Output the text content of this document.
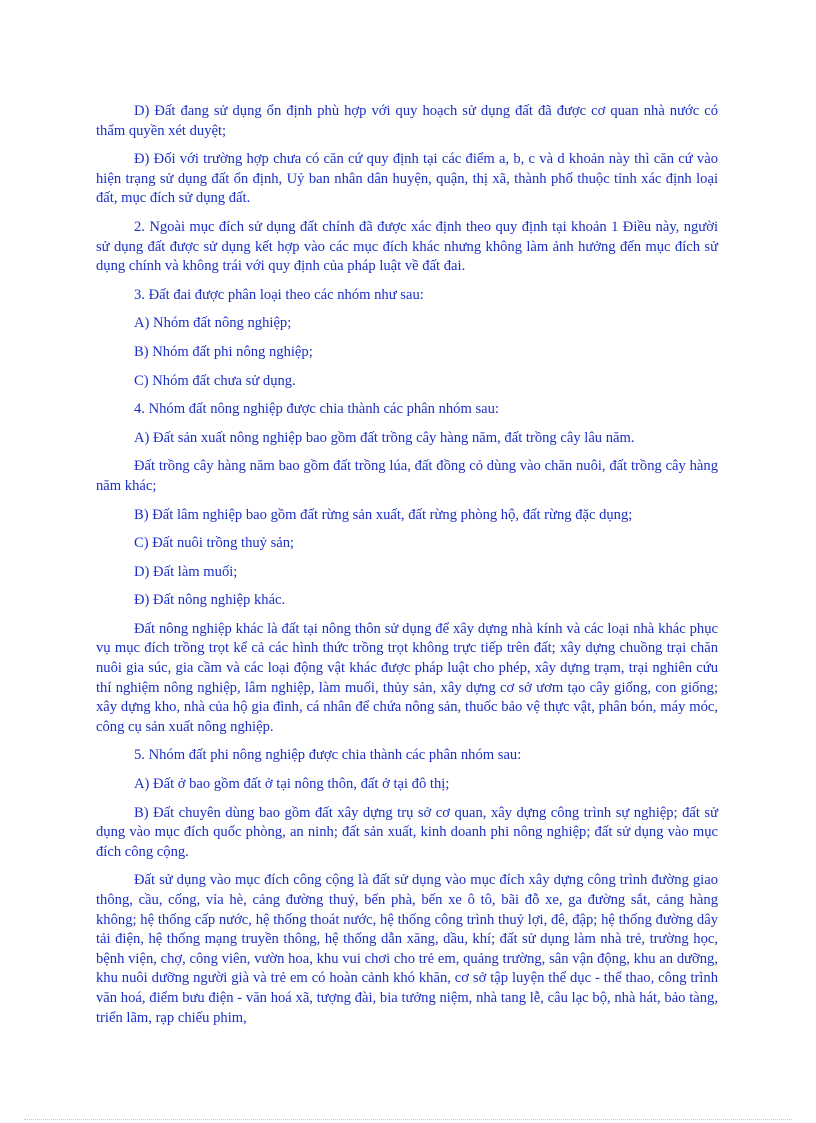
D) Đất đang sử dụng ổn định phù hợp với quy hoạch sử dụng đất đã được cơ quan nhà nước có thẩm quyền xét duyệt;

Đ) Đối với trường hợp chưa có căn cứ quy định tại các điểm a, b, c và d khoản này thì căn cứ vào hiện trạng sử dụng đất ổn định, Uỷ ban nhân dân huyện, quận, thị xã, thành phố thuộc tỉnh xác định loại đất, mục đích sử dụng đất.

2. Ngoài mục đích sử dụng đất chính đã được xác định theo quy định tại khoản 1 Điều này, người sử dụng đất được sử dụng kết hợp vào các mục đích khác nhưng không làm ảnh hưởng đến mục đích sử dụng chính và không trái với quy định của pháp luật về đất đai.

3. Đất đai được phân loại theo các nhóm như sau:

A) Nhóm đất nông nghiệp;

B) Nhóm đất phi nông nghiệp;

C) Nhóm đất chưa sử dụng.

4. Nhóm đất nông nghiệp được chia thành các phân nhóm sau:

A) Đất sản xuất nông nghiệp bao gồm đất trồng cây hàng năm, đất trồng cây lâu năm.

Đất trồng cây hàng năm bao gồm đất trồng lúa, đất đồng cỏ dùng vào chăn nuôi, đất trồng cây hàng năm khác;

B) Đất lâm nghiệp bao gồm đất rừng sản xuất, đất rừng phòng hộ, đất rừng đặc dụng;

C) Đất nuôi trồng thuỷ sản;

D) Đất làm muối;

Đ) Đất nông nghiệp khác.

Đất nông nghiệp khác là đất tại nông thôn sử dụng để xây dựng nhà kính và các loại nhà khác phục vụ mục đích trồng trọt kể cả các hình thức trồng trọt không trực tiếp trên đất; xây dựng chuồng trại chăn nuôi gia súc, gia cầm và các loại động vật khác được pháp luật cho phép, xây dựng trạm, trại nghiên cứu thí nghiệm nông nghiệp, lâm nghiệp, làm muối, thủy sản, xây dựng cơ sở ươm tạo cây giống, con giống; xây dựng kho, nhà của hộ gia đình, cá nhân để chứa nông sản, thuốc bảo vệ thực vật, phân bón, máy móc, công cụ sản xuất nông nghiệp.

5. Nhóm đất phi nông nghiệp được chia thành các phân nhóm sau:

A) Đất ở bao gồm đất ở tại nông thôn, đất ở tại đô thị;

B) Đất chuyên dùng bao gồm đất xây dựng trụ sở cơ quan, xây dựng công trình sự nghiệp; đất sử dụng vào mục đích quốc phòng, an ninh; đất sản xuất, kinh doanh phi nông nghiệp; đất sử dụng vào mục đích công cộng.

Đất sử dụng vào mục đích công cộng là đất sử dụng vào mục đích xây dựng công trình đường giao thông, cầu, cống, vỉa hè, cảng đường thuỷ, bến phà, bến xe ô tô, bãi đỗ xe, ga đường sắt, cảng hàng không; hệ thống cấp nước, hệ thống thoát nước, hệ thống công trình thuỷ lợi, đê, đập; hệ thống đường dây tải điện, hệ thống mạng truyền thông, hệ thống dẫn xăng, dầu, khí; đất sử dụng làm nhà trẻ, trường học, bệnh viện, chợ, công viên, vườn hoa, khu vui chơi cho trẻ em, quảng trường, sân vận động, khu an dưỡng, khu nuôi dưỡng người già và trẻ em có hoàn cảnh khó khăn, cơ sở tập luyện thể dục - thể thao, công trình văn hoá, điểm bưu điện - văn hoá xã, tượng đài, bia tưởng niệm, nhà tang lễ, câu lạc bộ, nhà hát, bảo tàng, triển lãm, rạp chiếu phim,
